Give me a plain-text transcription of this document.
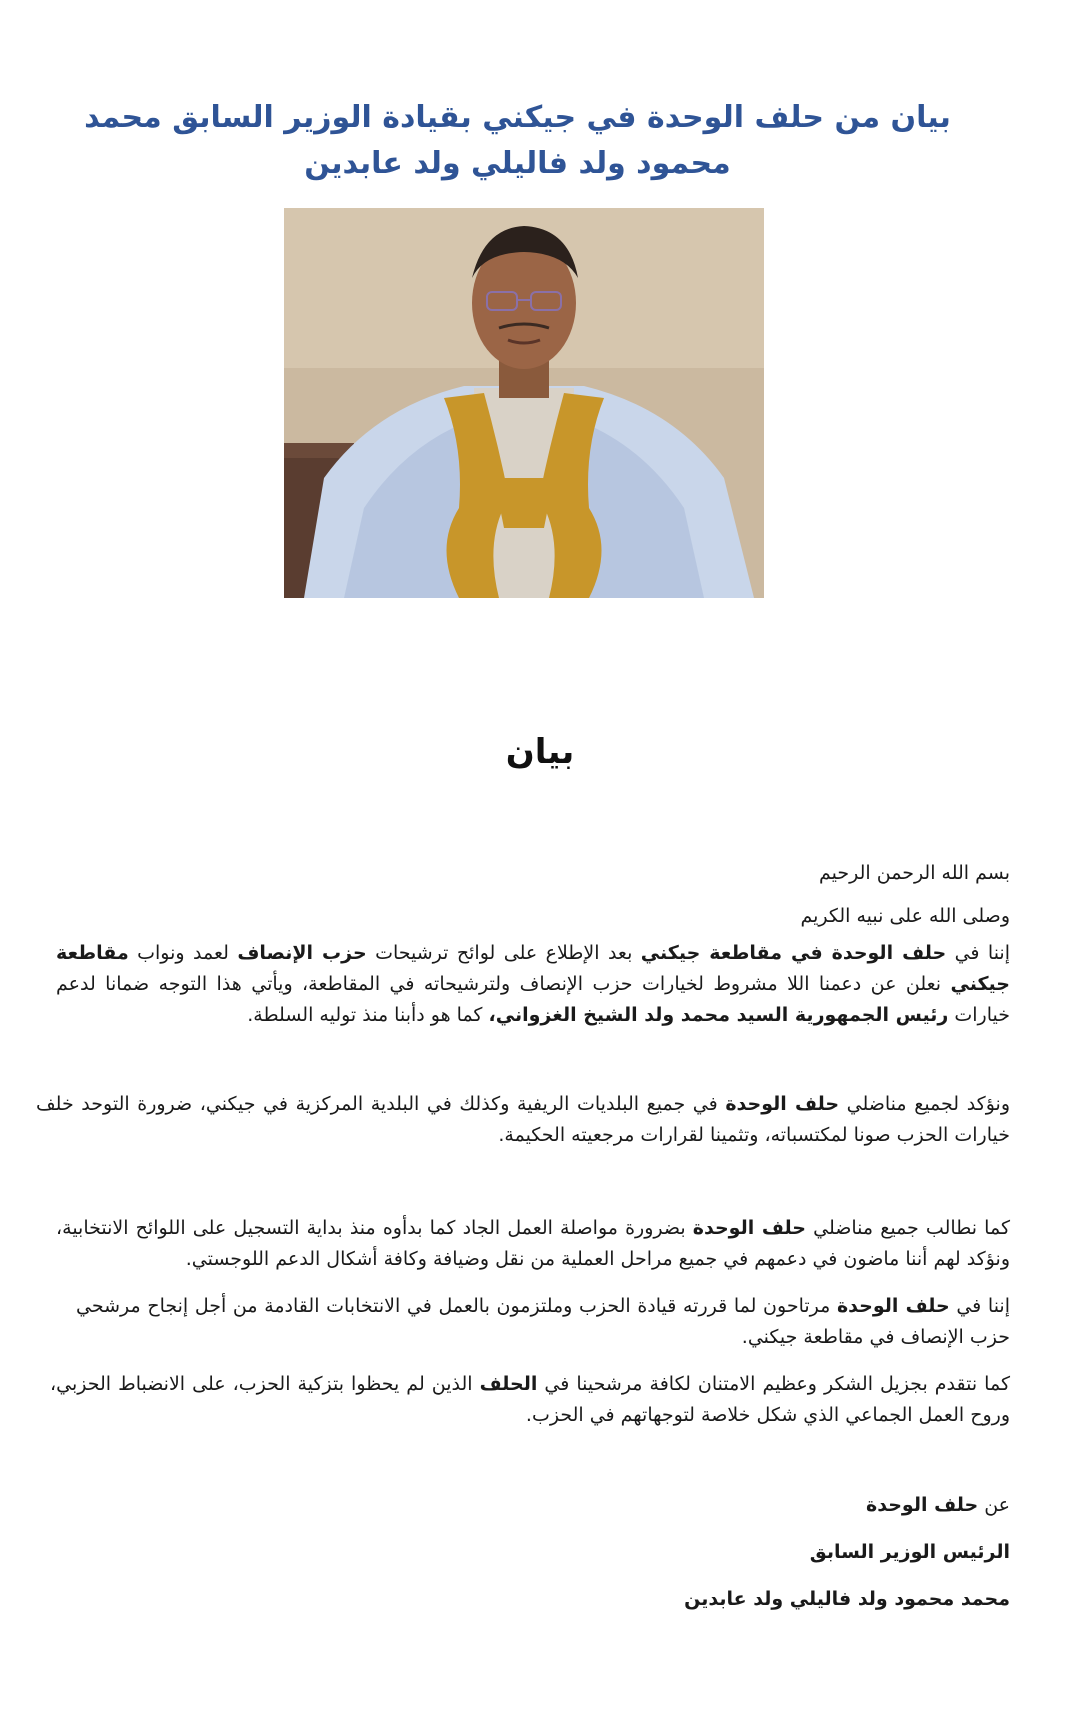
بيان من حلف الوحدة في جيكني بقيادة الوزير السابق محمد محمود ولد فاليلي ولد عابدين
بيان
بسم الله الرحمن الرحيم
وصلى الله على نبيه الكريم
إننا في حلف الوحدة في مقاطعة جيكني بعد الإطلاع على لوائح ترشيحات حزب الإنصاف لعمد ونواب مقاطعة جيكني نعلن عن دعمنا اللا مشروط لخيارات حزب الإنصاف ولترشيحاته في المقاطعة، ويأتي هذا التوجه ضمانا لدعم خيارات رئيس الجمهورية السيد محمد ولد الشيخ الغزواني، كما هو دأبنا منذ توليه السلطة.
ونؤكد لجميع مناضلي حلف الوحدة في جميع البلديات الريفية وكذلك في البلدية المركزية في جيكني، ضرورة التوحد خلف خيارات الحزب صونا لمكتسباته، وتثمينا لقرارات مرجعيته الحكيمة.
كما نطالب جميع مناضلي حلف الوحدة بضرورة مواصلة العمل الجاد كما بدأوه منذ بداية التسجيل على اللوائح الانتخابية، ونؤكد لهم أننا ماضون في دعمهم في جميع مراحل العملية من نقل وضيافة وكافة أشكال الدعم اللوجستي.
إننا في حلف الوحدة مرتاحون لما قررته قيادة الحزب وملتزمون بالعمل في الانتخابات القادمة من أجل إنجاح مرشحي حزب الإنصاف في مقاطعة جيكني.
كما نتقدم بجزيل الشكر وعظيم الامتنان لكافة مرشحينا في الحلف الذين لم يحظوا بتزكية الحزب، على الانضباط الحزبي، وروح العمل الجماعي الذي شكل خلاصة لتوجهاتهم في الحزب.
عن حلف الوحدة
الرئيس الوزير السابق
محمد محمود ولد فاليلي ولد عابدين
